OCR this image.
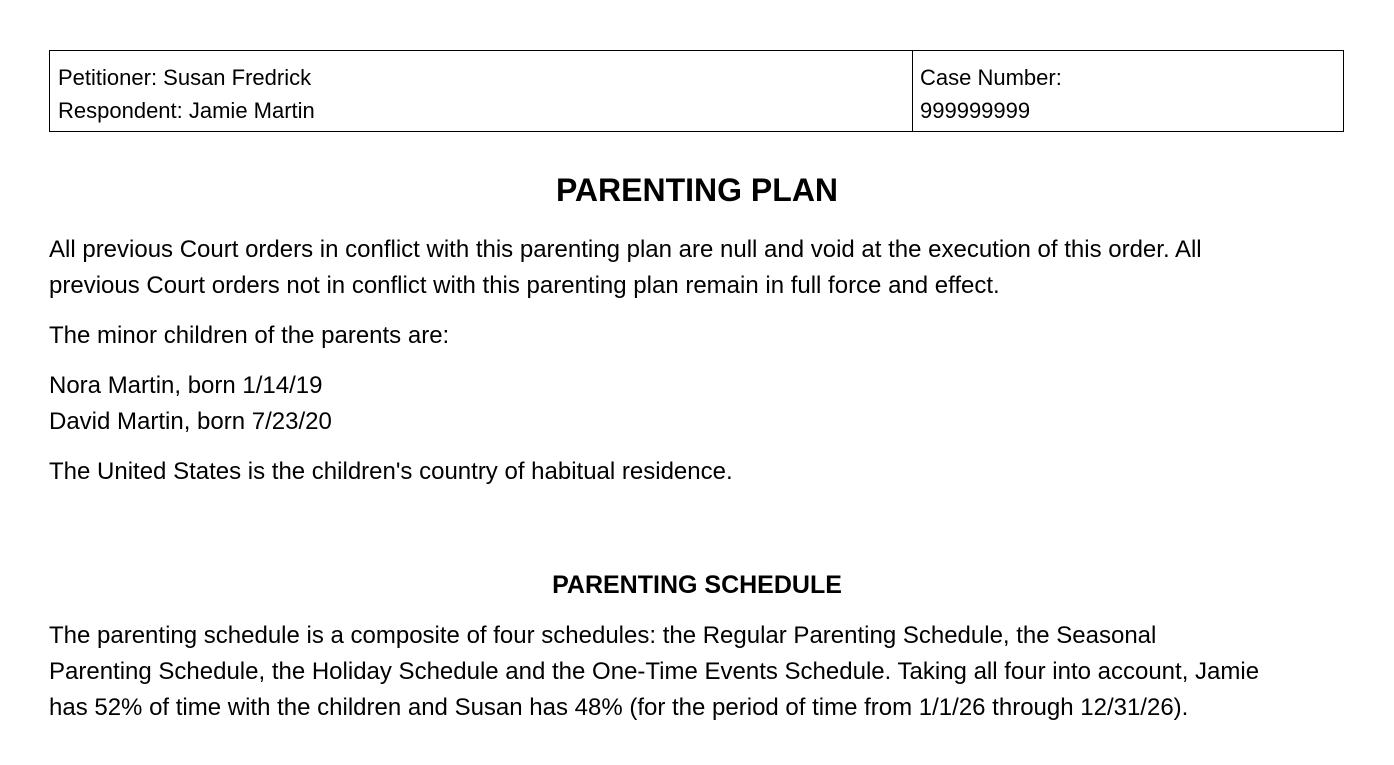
Petitioner: Susan Fredrick
Respondent: Jamie Martin
Case Number:
999999999
PARENTING PLAN

All previous Court orders in conflict with this parenting plan are null and void at the execution of this order. All
previous Court orders not in conflict with this parenting plan remain in full force and effect.

The minor children of the parents are:

Nora Martin, born 1/14/19
David Martin, born 7/23/20

The United States is the children's country of habitual residence.

PARENTING SCHEDULE

The parenting schedule is a composite of four schedules: the Regular Parenting Schedule, the Seasonal
Parenting Schedule, the Holiday Schedule and the One-Time Events Schedule. Taking all four into account, Jamie
has 52% of time with the children and Susan has 48% (for the period of time from 1/1/26 through 12/31/26).
